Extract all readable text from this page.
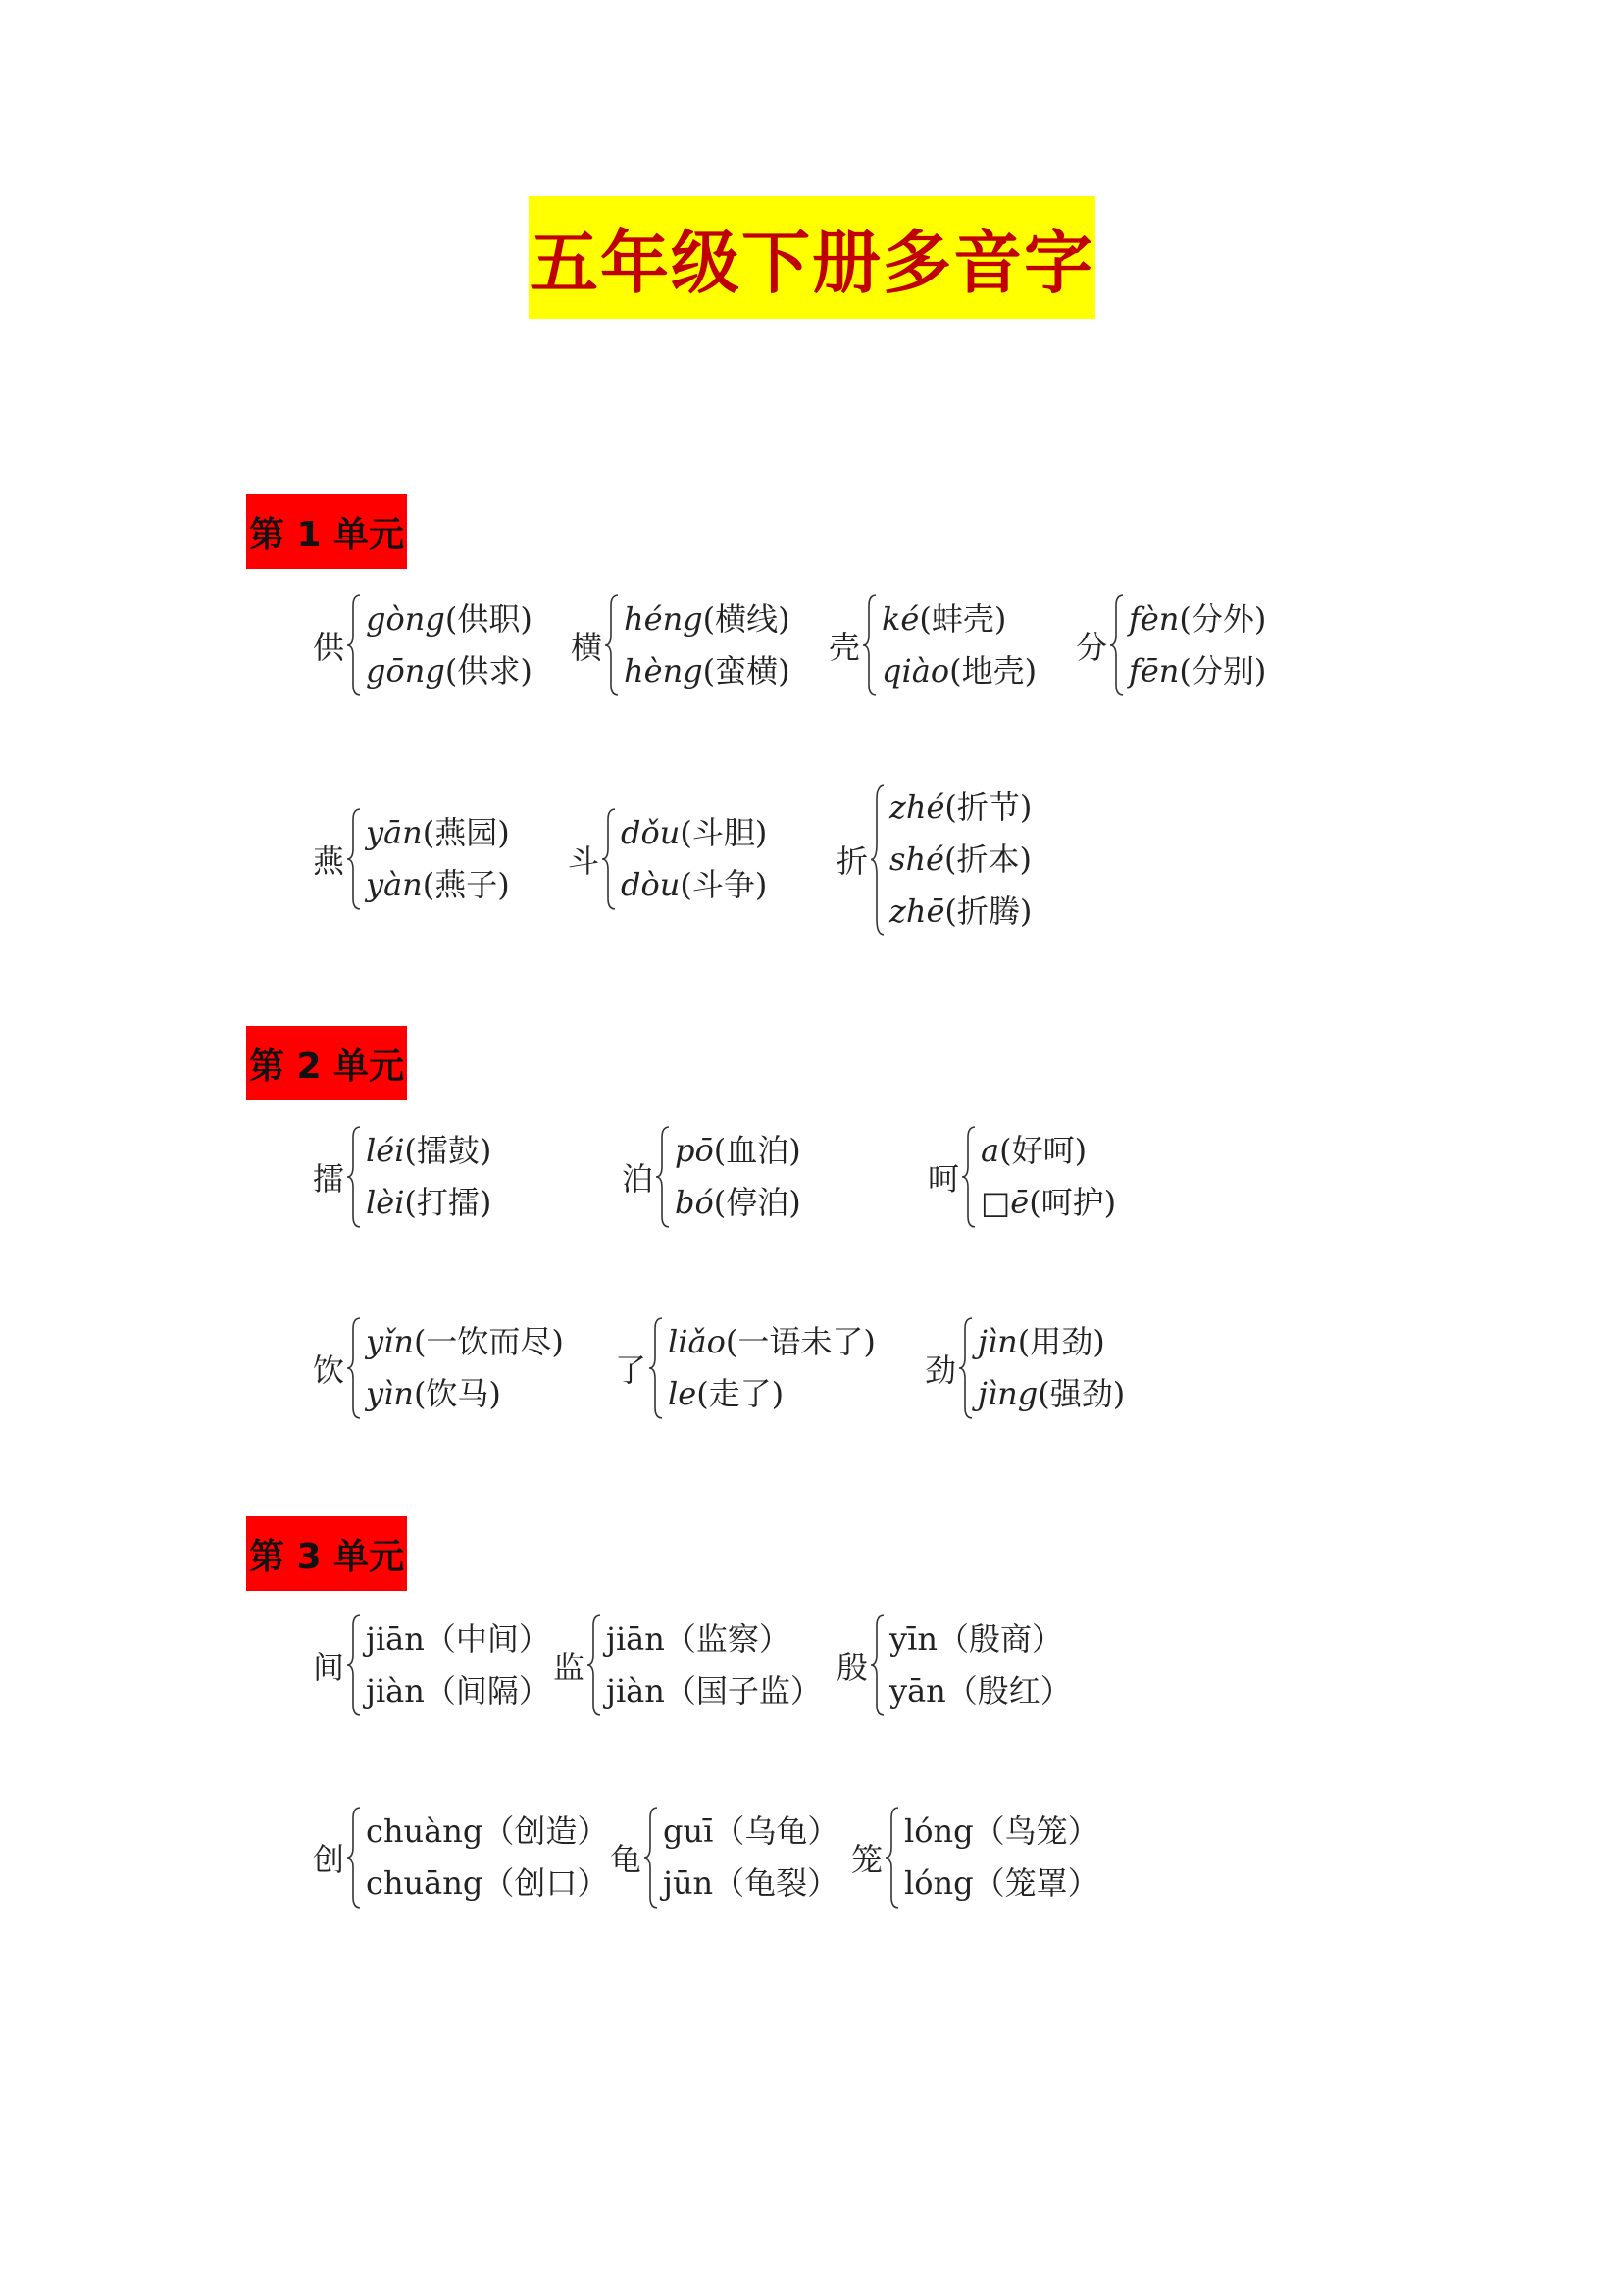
五年级下册多音字
第 1 单元
供
gòng(供职)
gōng(供求)
横
héng(横线)
hèng(蛮横)
壳
ké(蚌壳)
qiào(地壳)
分
fèn(分外)
fēn(分别)
燕
yān(燕园)
yàn(燕子)
斗
dǒu(斗胆)
dòu(斗争)
折
zhé(折节)
shé(折本)
zhē(折腾)
第 2 单元
擂
léi(擂鼓)
lèi(打擂)
泊
pō(血泊)
bó(停泊)
呵
a(好呵)
□ē(呵护)
饮
yǐn(一饮而尽)
yìn(饮马)
了
liǎo(一语未了)
le(走了)
劲
jìn(用劲)
jìng(强劲)
第 3 单元
间
jiān（中间）
jiàn（间隔）
监
jiān（监察）
jiàn（国子监）
殷
yīn（殷商）
yān（殷红）
创
chuàng（创造）
chuāng（创口）
龟
guī（乌龟）
jūn（龟裂）
笼
lóng（鸟笼）
lóng（笼罩）
